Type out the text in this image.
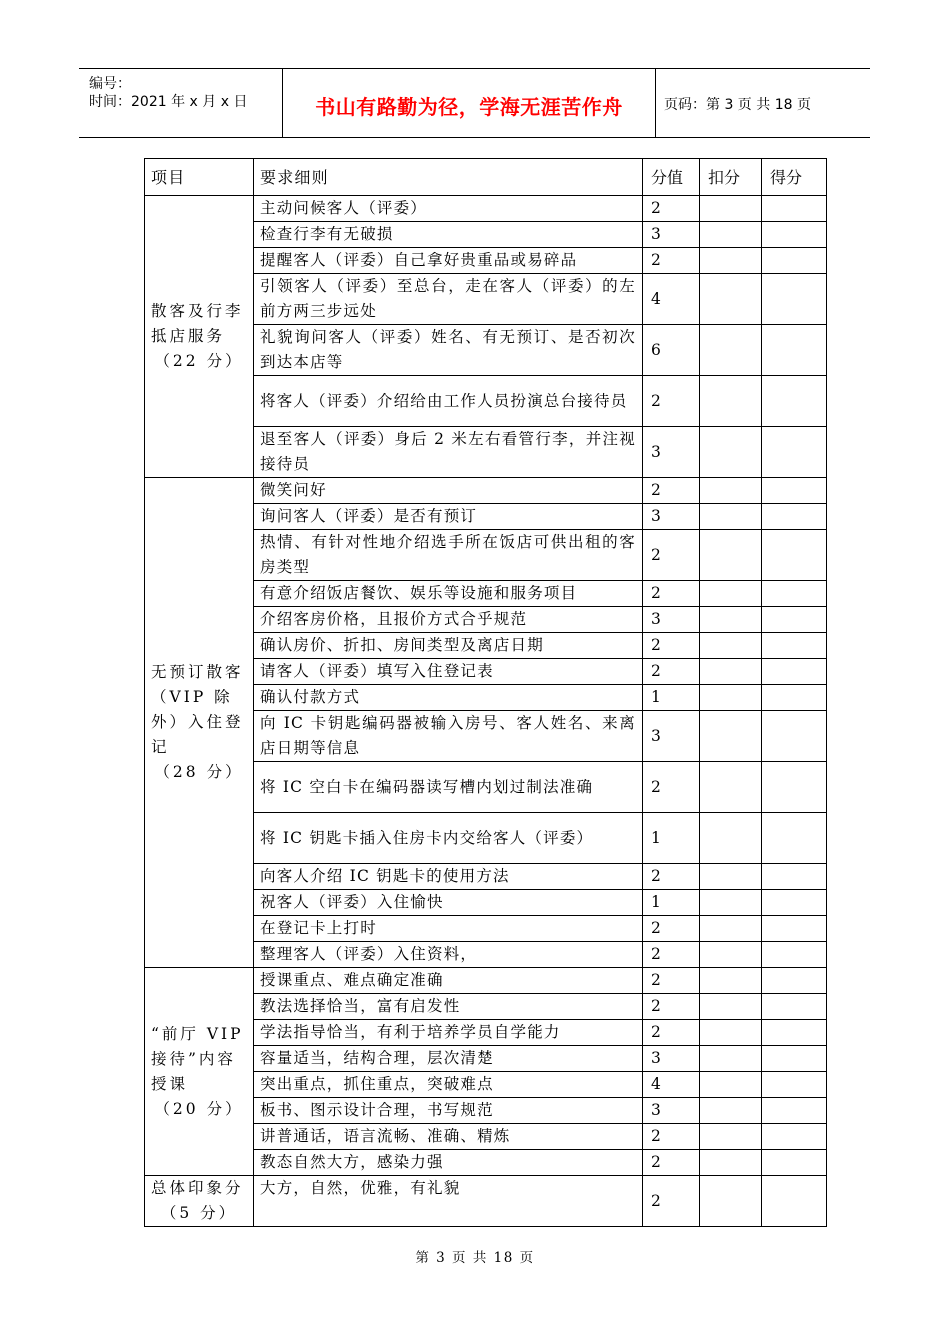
编号：
时间：2021 年 x 月 x 日	书山有路勤为径，学海无涯苦作舟	页码：第 3 页 共 18 页
项目	要求细则	分值	扣分	得分
散客及行李抵店服务
（22 分）	主动问候客人（评委）	2		
	检查行李有无破损	3		
	提醒客人（评委）自己拿好贵重品或易碎品	2		
	引领客人（评委）至总台，走在客人（评委）的左前方两三步远处	4		
	礼貌询问客人（评委）姓名、有无预订、是否初次到达本店等	6		
	将客人（评委）介绍给由工作人员扮演总台接待员	2		
	退至客人（评委）身后 2 米左右看管行李，并注视接待员	3		
无预订散客（VIP 除外）入住登记
（28 分）	微笑问好	2		
	询问客人（评委）是否有预订	3		
	热情、有针对性地介绍选手所在饭店可供出租的客房类型	2		
	有意介绍饭店餐饮、娱乐等设施和服务项目	2		
	介绍客房价格，且报价方式合乎规范	3		
	确认房价、折扣、房间类型及离店日期	2		
	请客人（评委）填写入住登记表	2		
	确认付款方式	1		
	向 IC 卡钥匙编码器被输入房号、客人姓名、来离店日期等信息	3		
	将 IC 空白卡在编码器读写槽内划过制法准确	2		
	将 IC 钥匙卡插入住房卡内交给客人（评委）	1		
	向客人介绍 IC 钥匙卡的使用方法	2		
	祝客人（评委）入住愉快	1		
	在登记卡上打时	2		
	整理客人（评委）入住资料，	2		
“前厅 VIP 接待”内容授课
（20 分）	授课重点、难点确定准确	2		
	教法选择恰当，富有启发性	2		
	学法指导恰当，有利于培养学员自学能力	2		
	容量适当，结构合理，层次清楚	3		
	突出重点，抓住重点，突破难点	4		
	板书、图示设计合理，书写规范	3		
	讲普通话，语言流畅、准确、精炼	2		
	教态自然大方，感染力强	2		
总体印象分
（5 分）	大方，自然，优雅，有礼貌	2		
第 3 页 共 18 页
